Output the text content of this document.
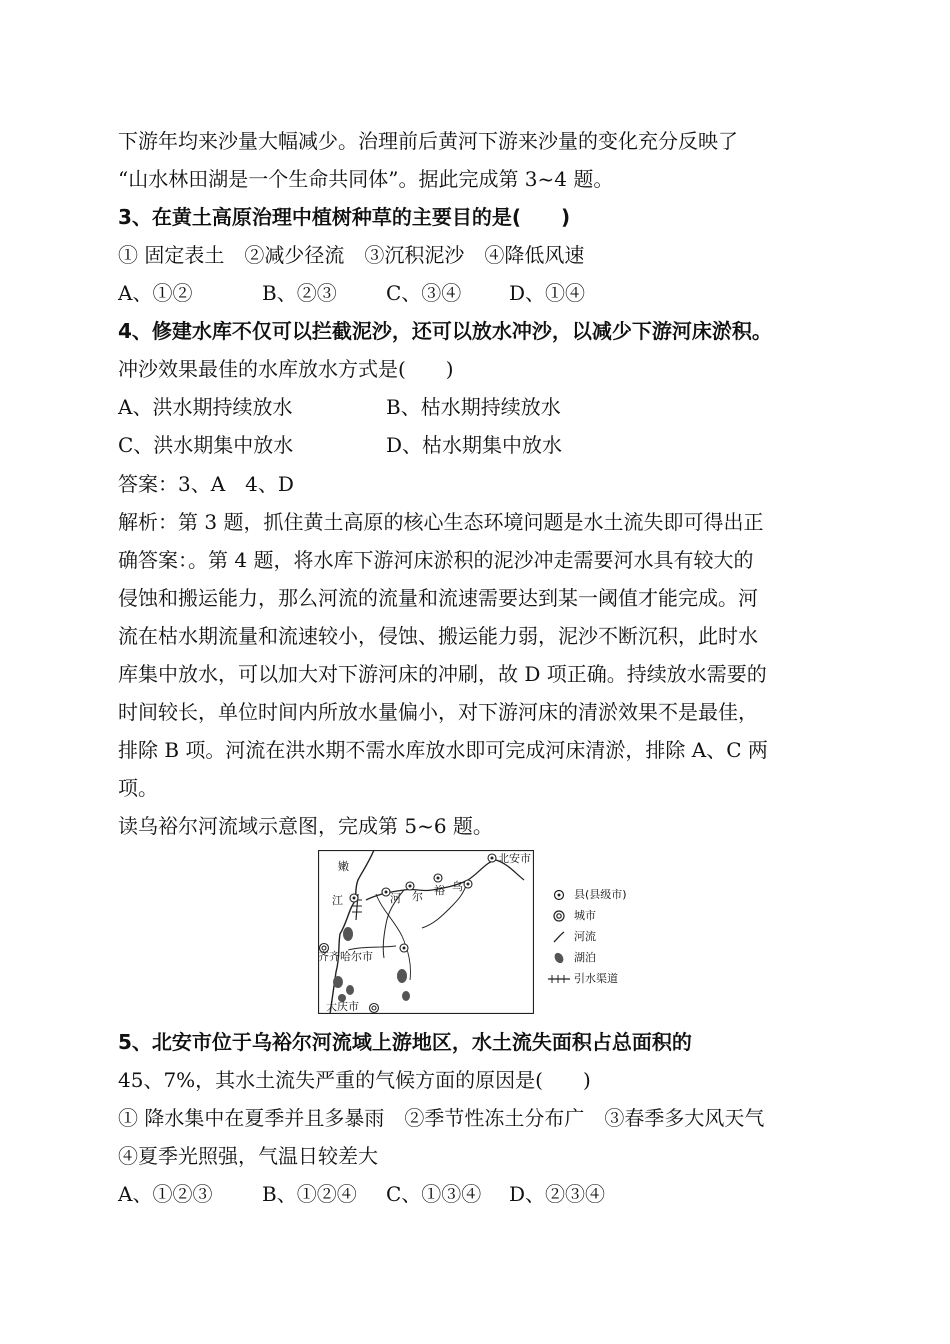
下游年均来沙量大幅减少。治理前后黄河下游来沙量的变化充分反映了
“山水林田湖是一个生命共同体”。据此完成第 3~4 题。
3、在黄土高原治理中植树种草的主要目的是(　　)
① 固定表土　②减少径流　③沉积泥沙　④降低风速
A、①②	B、②③ C、③④ D、①④
4、修建水库不仅可以拦截泥沙，还可以放水冲沙，以减少下游河床淤积。
冲沙效果最佳的水库放水方式是(　　)
A、洪水期持续放水	B、枯水期持续放水
C、洪水期集中放水	D、枯水期集中放水
答案：3、A　4、D
解析：第 3 题，抓住黄土高原的核心生态环境问题是水土流失即可得出正
确答案：。第 4 题，将水库下游河床淤积的泥沙冲走需要河水具有较大的
侵蚀和搬运能力，那么河流的流量和流速需要达到某一阈值才能完成。河
流在枯水期流量和流速较小，侵蚀、搬运能力弱，泥沙不断沉积，此时水
库集中放水，可以加大对下游河床的冲刷，故 D 项正确。持续放水需要的
时间较长，单位时间内所放水量偏小，对下游河床的清淤效果不是最佳，
排除 B 项。河流在洪水期不需水库放水即可完成河床清淤，排除 A、C 两
项。
读乌裕尔河流域示意图，完成第 5~6 题。
嫩
江
北安市
河 尔 裕 乌
齐齐哈尔市
大庆市
县(县级市)
城市
河流
湖泊
引水渠道
5、北安市位于乌裕尔河流域上游地区，水土流失面积占总面积的
45、7%，其水土流失严重的气候方面的原因是(　　)
① 降水集中在夏季并且多暴雨　②季节性冻土分布广　③春季多大风天气
④夏季光照强，气温日较差大
A、①②③ B、①②④ C、①③④ D、②③④
